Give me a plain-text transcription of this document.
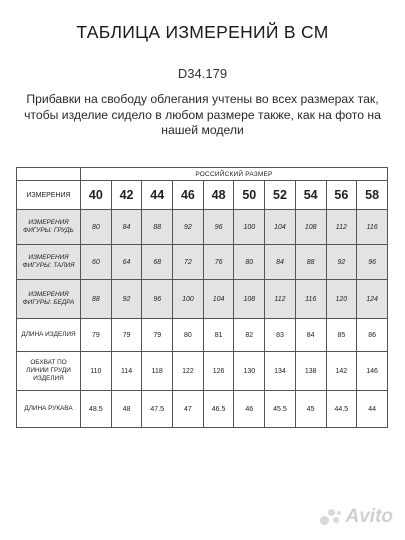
ТАБЛИЦА ИЗМЕРЕНИЙ В СМ
D34.179
Прибавки на свободу облегания учтены во всех размерах так, чтобы изделие сидело в любом размере также, как на фото на нашей модели
	РОССИЙСКИЙ РАЗМЕР									
ИЗМЕРЕНИЯ	40	42	44	46	48	50	52	54	56	58
ИЗМЕРЕНИЯ ФИГУРЫ: ГРУДЬ	80	84	88	92	96	100	104	108	112	116
ИЗМЕРЕНИЯ ФИГУРЫ: ТАЛИЯ	60	64	68	72	76	80	84	88	92	96
ИЗМЕРЕНИЯ ФИГУРЫ: БЕДРА	88	92	96	100	104	108	112	116	120	124
ДЛИНА ИЗДЕЛИЯ	79	79	79	80	81	82	83	84	85	86
ОБХВАТ ПО ЛИНИИ ГРУДИ ИЗДЕЛИЯ	110	114	118	122	126	130	134	138	142	146
ДЛИНА РУКАВА	48.5	48	47.5	47	46.5	46	45.5	45	44.5	44
Avito
